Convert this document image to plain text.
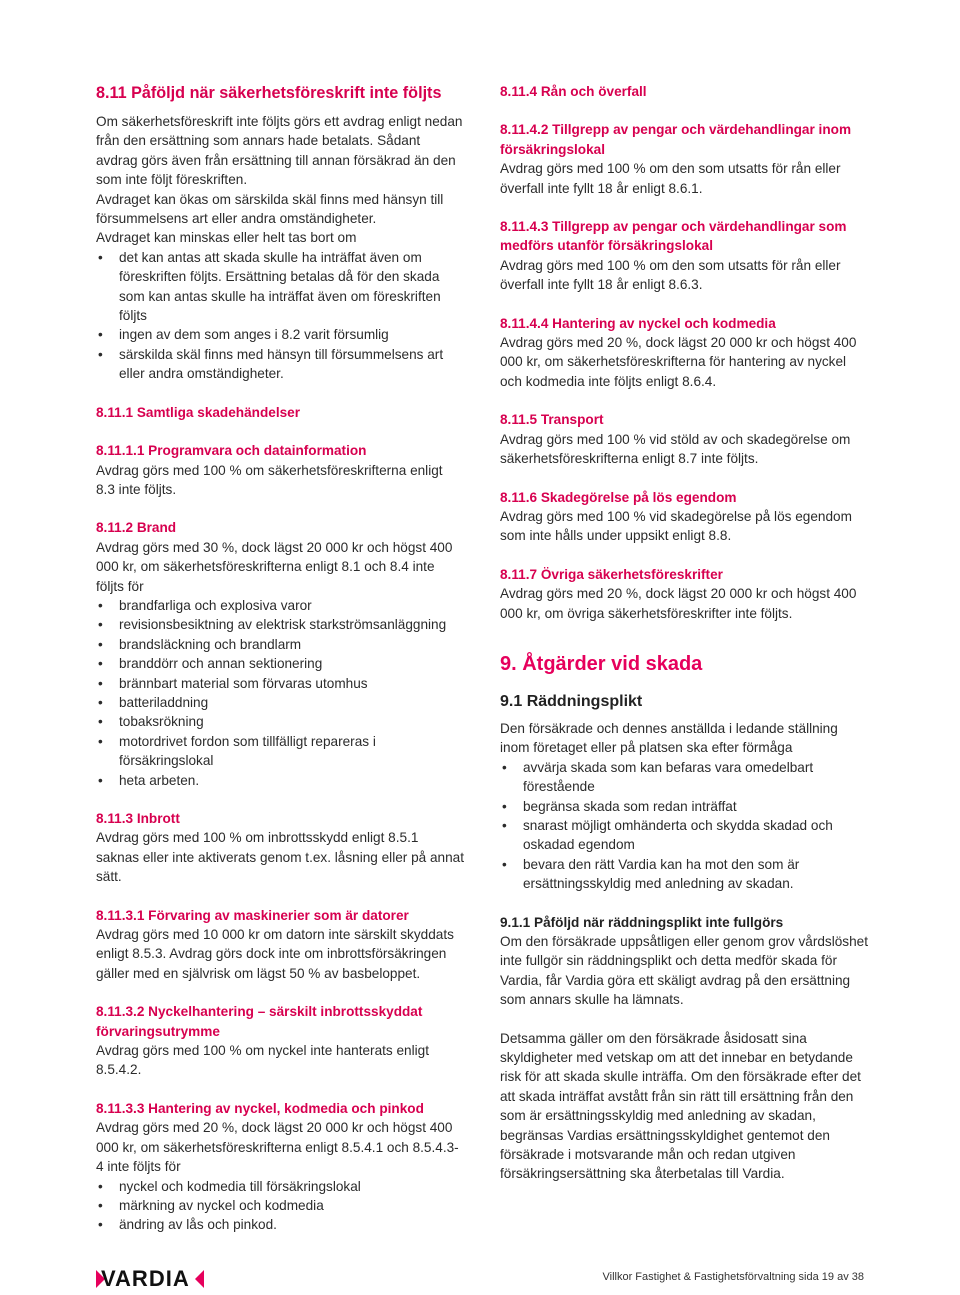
8.11 Påföljd när säkerhetsföreskrift inte följts

Om säkerhetsföreskrift inte följts görs ett avdrag enligt nedan från den ersättning som annars hade betalats. Sådant avdrag görs även från ersättning till annan försäkrad än den som inte följt föreskriften.

Avdraget kan ökas om särskilda skäl finns med hänsyn till försummelsens art eller andra omständigheter.

Avdraget kan minskas eller helt tas bort om

• det kan antas att skada skulle ha inträffat även om föreskriften följts. Ersättning betalas då för den skada som kan antas skulle ha inträffat även om föreskriften följts
• ingen av dem som anges i 8.2 varit försumlig
• särskilda skäl finns med hänsyn till försummelsens art eller andra omständigheter.

8.11.1 Samtliga skadehändelser

8.11.1.1 Programvara och datainformation

Avdrag görs med 100 % om säkerhetsföreskrifterna enligt 8.3 inte följts.

8.11.2 Brand

Avdrag görs med 30 %, dock lägst 20 000 kr och högst 400 000 kr, om säkerhetsföreskrifterna enligt 8.1 och 8.4 inte följts för

• brandfarliga och explosiva varor
• revisionsbesiktning av elektrisk starkströmsanläggning
• brandsläckning och brandlarm
• branddörr och annan sektionering
• brännbart material som förvaras utomhus
• batteriladdning
• tobaksrökning
• motordrivet fordon som tillfälligt repareras i försäkringslokal
• heta arbeten.

8.11.3 Inbrott

Avdrag görs med 100 % om inbrottsskydd enligt 8.5.1 saknas eller inte aktiverats genom t.ex. låsning eller på annat sätt.

8.11.3.1 Förvaring av maskinerier som är datorer

Avdrag görs med 10 000 kr om datorn inte särskilt skyddats enligt 8.5.3. Avdrag görs dock inte om inbrottsförsäkringen gäller med en självrisk om lägst 50 % av basbeloppet.

8.11.3.2 Nyckelhantering – särskilt inbrottsskyddat förvaringsutrymme

Avdrag görs med 100 % om nyckel inte hanterats enligt 8.5.4.2.

8.11.3.3 Hantering av nyckel, kodmedia och pinkod

Avdrag görs med 20 %, dock lägst 20 000 kr och högst 400 000 kr, om säkerhetsföreskrifterna enligt 8.5.4.1 och 8.5.4.3-4 inte följts för

• nyckel och kodmedia till försäkringslokal
• märkning av nyckel och kodmedia
• ändring av lås och pinkod.

8.11.4 Rån och överfall

8.11.4.2 Tillgrepp av pengar och värdehandlingar inom försäkringslokal

Avdrag görs med 100 % om den som utsatts för rån eller överfall inte fyllt 18 år enligt 8.6.1.

8.11.4.3 Tillgrepp av pengar och värdehandlingar som medförs utanför försäkringslokal

Avdrag görs med 100 % om den som utsatts för rån eller överfall inte fyllt 18 år enligt 8.6.3.

8.11.4.4 Hantering av nyckel och kodmedia

Avdrag görs med 20 %, dock lägst 20 000 kr och högst 400 000 kr, om säkerhetsföreskrifterna för hantering av nyckel och kodmedia inte följts enligt 8.6.4.

8.11.5 Transport

Avdrag görs med 100 % vid stöld av och skadegörelse om säkerhetsföreskrifterna enligt 8.7 inte följts.

8.11.6 Skadegörelse på lös egendom

Avdrag görs med 100 % vid skadegörelse på lös egendom som inte hålls under uppsikt enligt 8.8.

8.11.7 Övriga säkerhetsföreskrifter

Avdrag görs med 20 %, dock lägst 20 000 kr och högst 400 000 kr, om övriga säkerhetsföreskrifter inte följts.

9. Åtgärder vid skada
9.1 Räddningsplikt

Den försäkrade och dennes anställda i ledande ställning inom företaget eller på platsen ska efter förmåga

• avvärja skada som kan befaras vara omedelbart förestående
• begränsa skada som redan inträffat
• snarast möjligt omhänderta och skydda skadad och oskadad egendom
• bevara den rätt Vardia kan ha mot den som är ersättningsskyldig med anledning av skadan.

9.1.1 Påföljd när räddningsplikt inte fullgörs

Om den försäkrade uppsåtligen eller genom grov vårdslöshet inte fullgör sin räddningsplikt och detta medför skada för Vardia, får Vardia göra ett skäligt avdrag på den ersättning som annars skulle ha lämnats.

Detsamma gäller om den försäkrade åsidosatt sina skyldigheter med vetskap om att det innebar en betydande risk för att skada skulle inträffa. Om den försäkrade efter det att skada inträffat avstått från sin rätt till ersättning från den som är ersättningsskyldig med anledning av skadan, begränsas Vardias ersättningsskyldighet gentemot den försäkrade i motsvarande mån och redan utgiven försäkringsersättning ska återbetalas till Vardia.

VARDIA	Villkor Fastighet & Fastighetsförvaltning sida 19 av 38
